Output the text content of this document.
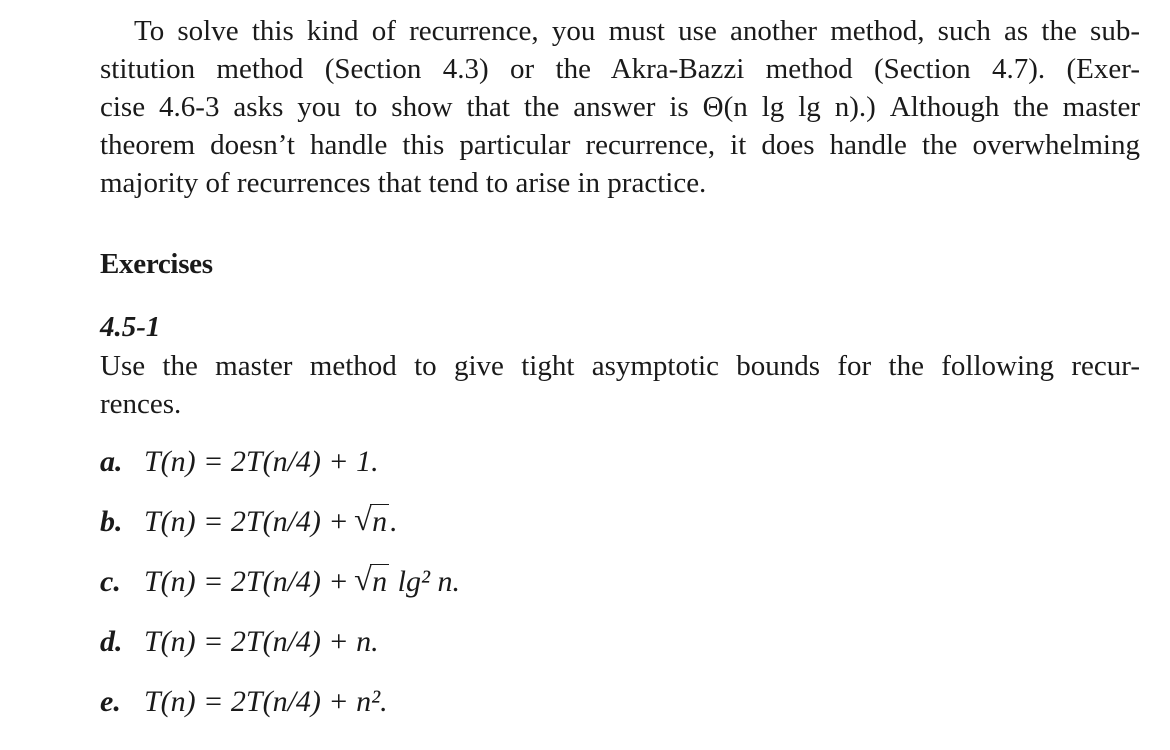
To solve this kind of recurrence, you must use another method, such as the sub-
stitution method (Section 4.3) or the Akra-Bazzi method (Section 4.7). (Exer-
cise 4.6-3 asks you to show that the answer is Θ(n lg lg n).) Although the master
theorem doesn’t handle this particular recurrence, it does handle the overwhelming
majority of recurrences that tend to arise in practice.
Exercises
4.5-1
Use the master method to give tight asymptotic bounds for the following recur-
rences.
a. T(n) = 2T(n/4) + 1.
b. T(n) = 2T(n/4) + √ n .
c. T(n) = 2T(n/4) + √ n lg² n.
d. T(n) = 2T(n/4) + n.
e. T(n) = 2T(n/4) + n².
